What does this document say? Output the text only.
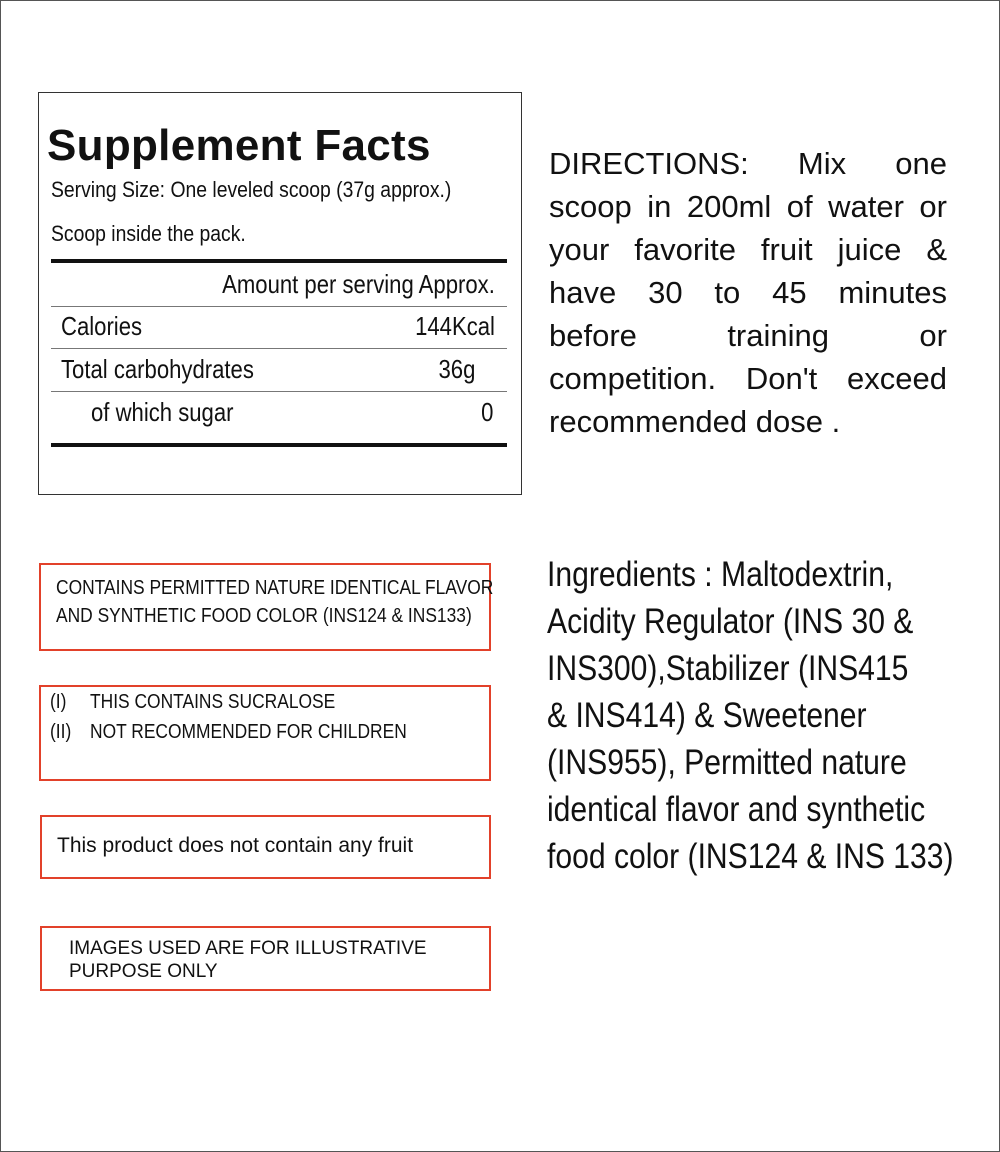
Supplement Facts
Serving Size: One leveled scoop (37g approx.)
Scoop inside the pack.
Amount per serving Approx.
Calories	144Kcal
Total carbohydrates	36g
of which sugar	0
DIRECTIONS: Mix one scoop in 200ml of water or your favorite fruit juice & have 30 to 45 minutes before training or competition. Don't exceed recommended dose .
CONTAINS PERMITTED NATURE IDENTICAL FLAVOR
AND SYNTHETIC FOOD COLOR (INS124 & INS133)
(I) THIS CONTAINS SUCRALOSE
(II) NOT RECOMMENDED FOR CHILDREN
This product does not contain any fruit
IMAGES USED ARE FOR ILLUSTRATIVE
PURPOSE ONLY
Ingredients : Maltodextrin,
Acidity Regulator (INS 30 &
INS300),Stabilizer (INS415
& INS414) & Sweetener
(INS955), Permitted nature
identical flavor and synthetic
food color (INS124 & INS 133)
